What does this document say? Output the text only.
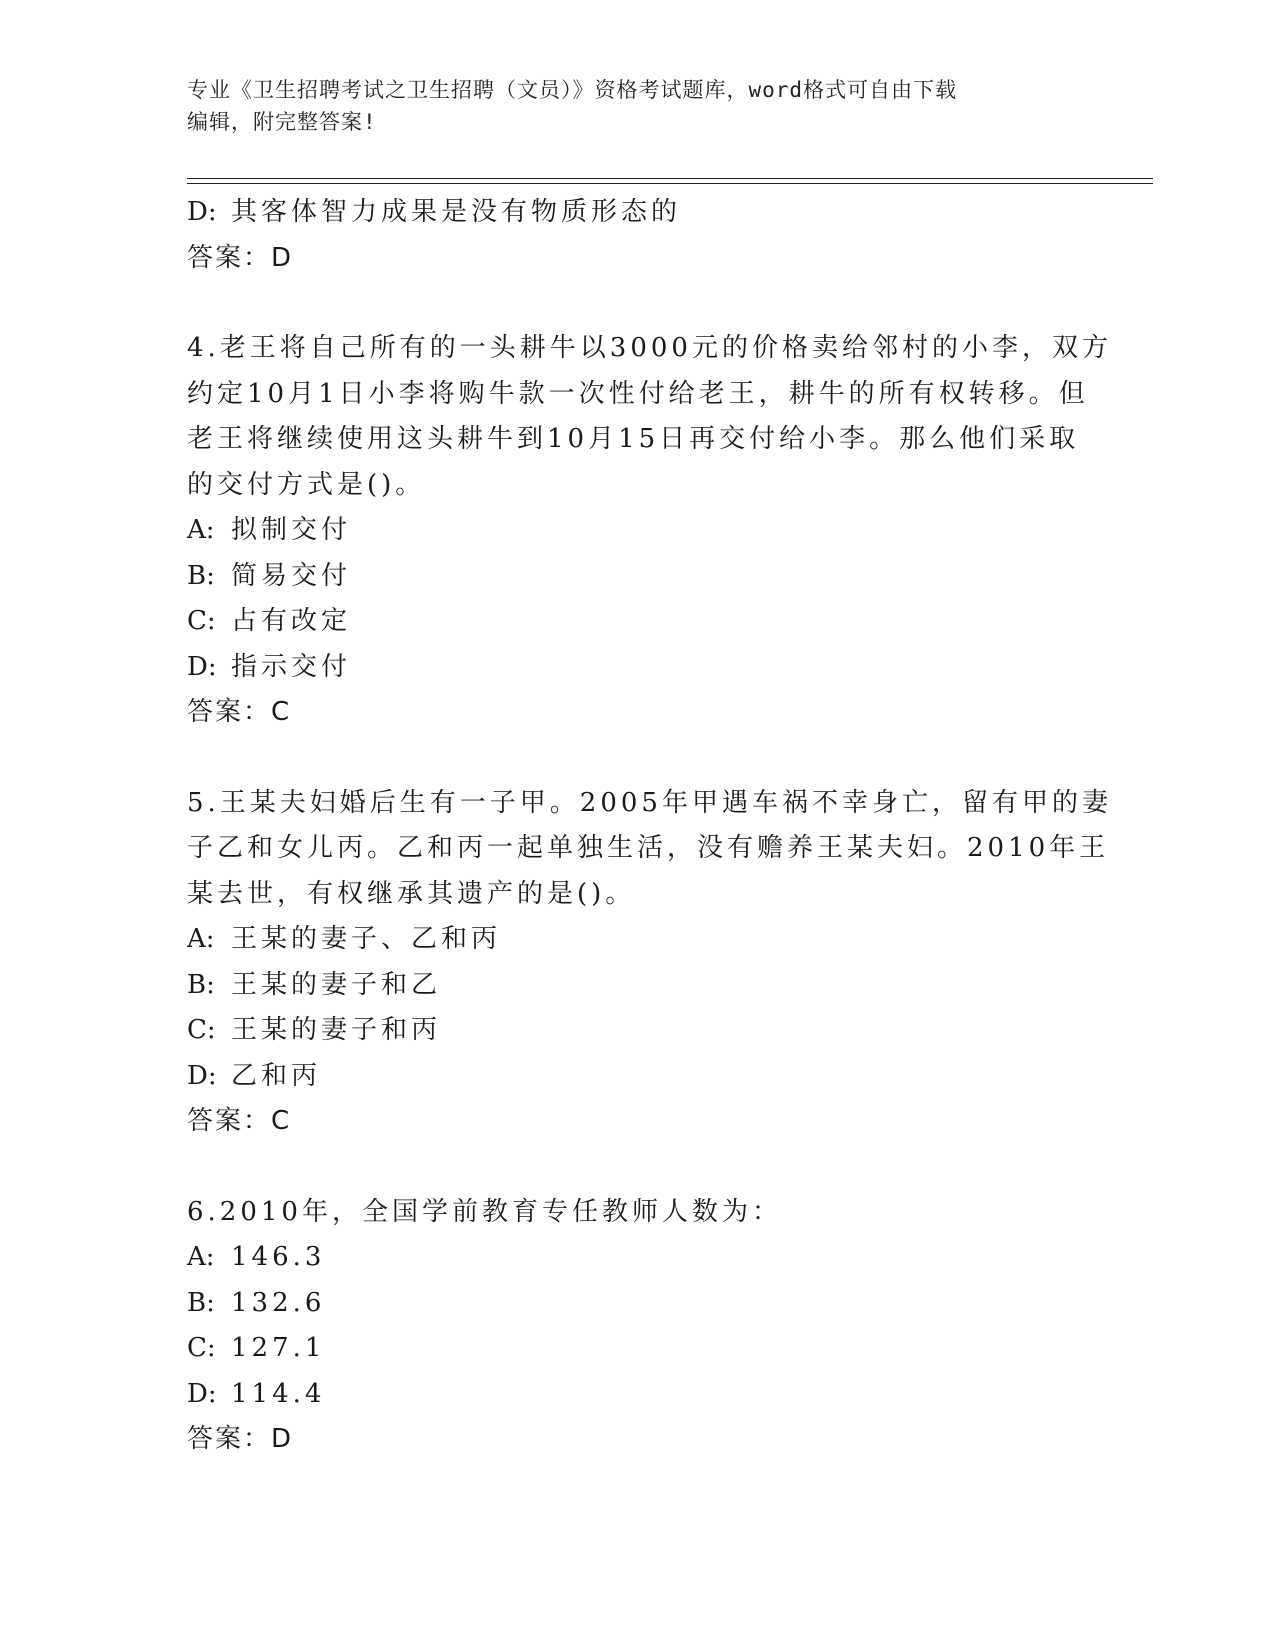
专业《卫生招聘考试之卫生招聘（文员）》资格考试题库，word格式可自由下载
编辑，附完整答案!
D: 其客体智力成果是没有物质形态的
答案：D
4.老王将自己所有的一头耕牛以3000元的价格卖给邻村的小李，双方
约定10月1日小李将购牛款一次性付给老王，耕牛的所有权转移。但
老王将继续使用这头耕牛到10月15日再交付给小李。那么他们采取
的交付方式是()。
A: 拟制交付
B: 简易交付
C: 占有改定
D: 指示交付
答案：C
5.王某夫妇婚后生有一子甲。2005年甲遇车祸不幸身亡，留有甲的妻
子乙和女儿丙。乙和丙一起单独生活，没有赡养王某夫妇。2010年王
某去世，有权继承其遗产的是()。
A: 王某的妻子、乙和丙
B: 王某的妻子和乙
C: 王某的妻子和丙
D: 乙和丙
答案：C
6.2010年，全国学前教育专任教师人数为：
A: 146.3
B: 132.6
C: 127.1
D: 114.4
答案：D
